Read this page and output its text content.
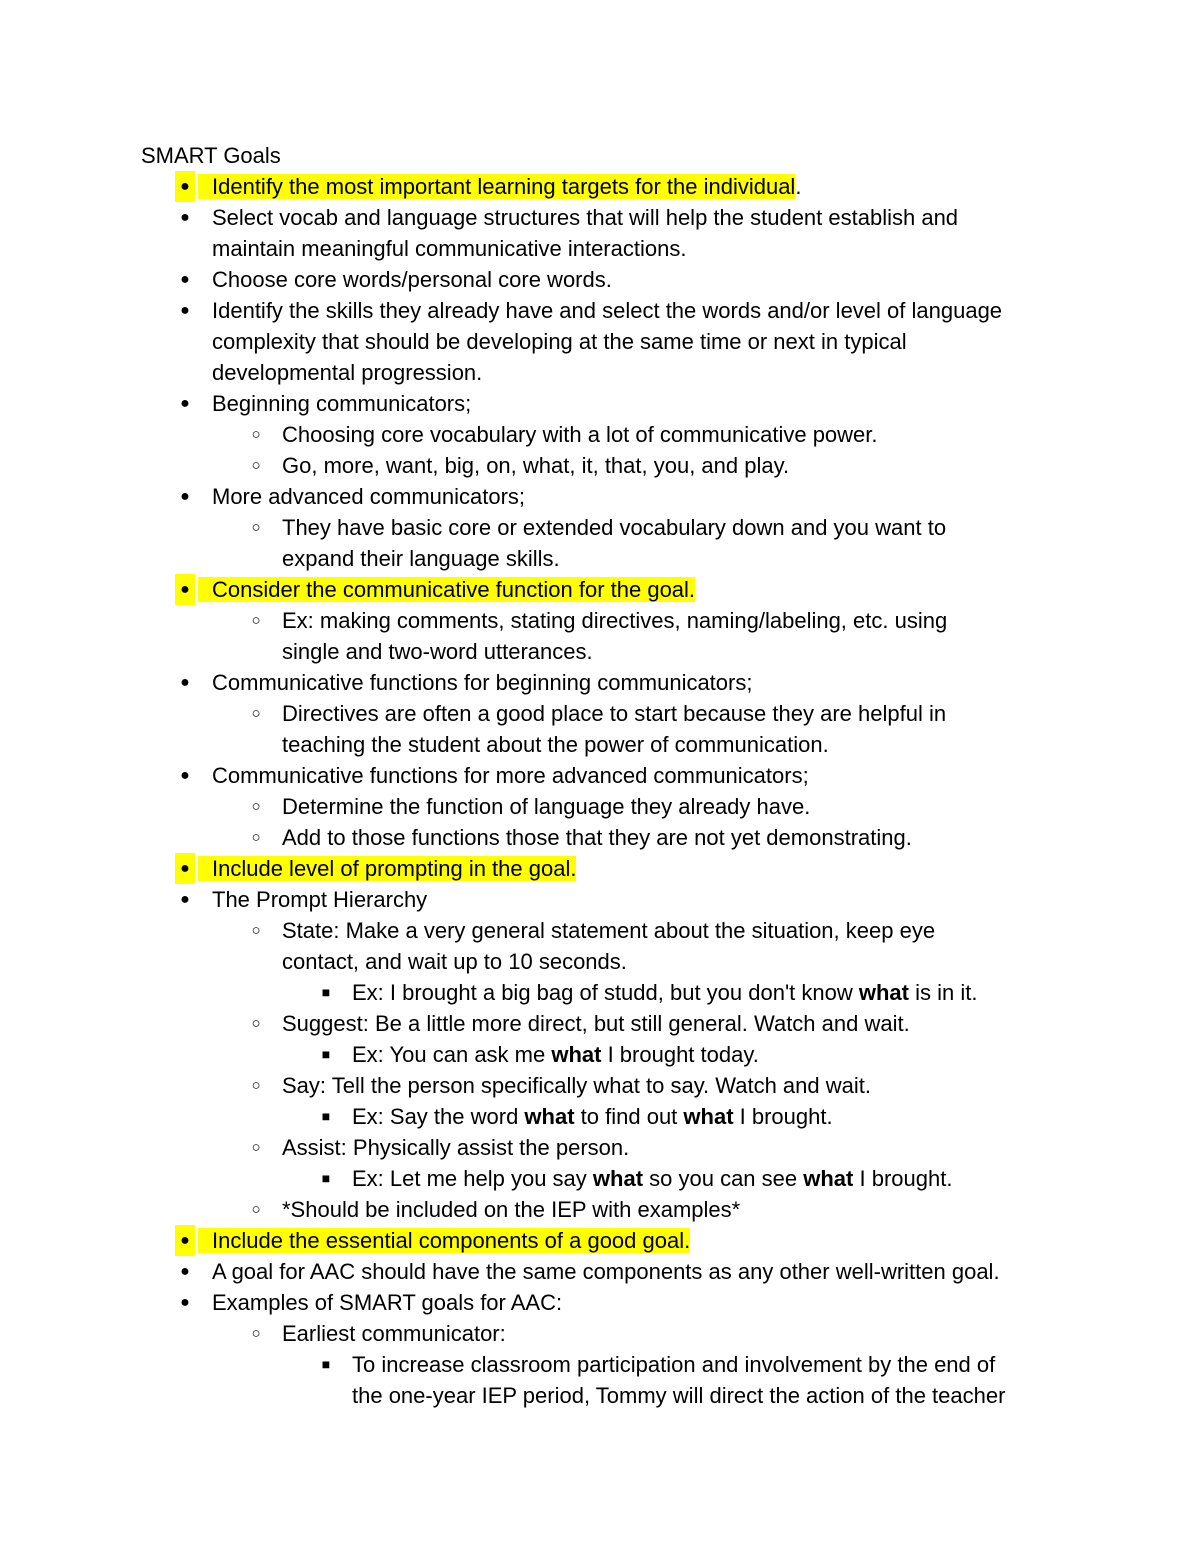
SMART Goals
● Identify the most important learning targets for the individual.
● Select vocab and language structures that will help the student establish and
maintain meaningful communicative interactions.
● Choose core words/personal core words.
● Identify the skills they already have and select the words and/or level of language
complexity that should be developing at the same time or next in typical
developmental progression.
● Beginning communicators;
○ Choosing core vocabulary with a lot of communicative power.
○ Go, more, want, big, on, what, it, that, you, and play.
● More advanced communicators;
○ They have basic core or extended vocabulary down and you want to
expand their language skills.
● Consider the communicative function for the goal.
○ Ex: making comments, stating directives, naming/labeling, etc. using
single and two-word utterances.
● Communicative functions for beginning communicators;
○ Directives are often a good place to start because they are helpful in
teaching the student about the power of communication.
● Communicative functions for more advanced communicators;
○ Determine the function of language they already have.
○ Add to those functions those that they are not yet demonstrating.
● Include level of prompting in the goal.
● The Prompt Hierarchy
○ State: Make a very general statement about the situation, keep eye
contact, and wait up to 10 seconds.
■ Ex: I brought a big bag of studd, but you don't know what is in it.
○ Suggest: Be a little more direct, but still general. Watch and wait.
■ Ex: You can ask me what I brought today.
○ Say: Tell the person specifically what to say. Watch and wait.
■ Ex: Say the word what to find out what I brought.
○ Assist: Physically assist the person.
■ Ex: Let me help you say what so you can see what I brought.
○ *Should be included on the IEP with examples*
● Include the essential components of a good goal.
● A goal for AAC should have the same components as any other well-written goal.
● Examples of SMART goals for AAC:
○ Earliest communicator:
■ To increase classroom participation and involvement by the end of
the one-year IEP period, Tommy will direct the action of the teacher
